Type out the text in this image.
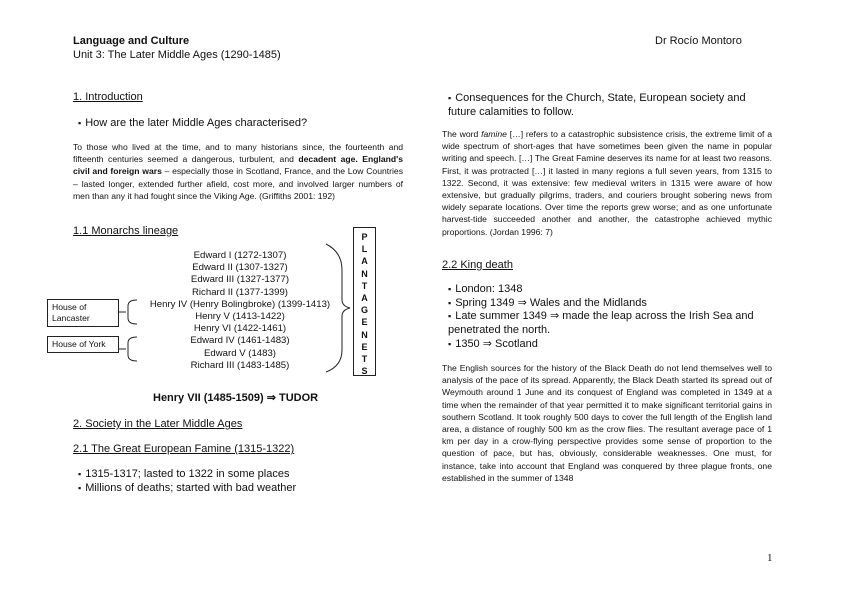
Language and Culture
Unit 3: The Later Middle Ages (1290-1485)
Dr Rocío Montoro
1. Introduction
▪ How are the later Middle Ages characterised?
To those who lived at the time, and to many historians since, the fourteenth and fifteenth centuries seemed a dangerous, turbulent, and decadent age. England's civil and foreign wars – especially those in Scotland, France, and the Low Countries – lasted longer, extended further afield, cost more, and involved larger numbers of men than any it had fought since the Viking Age. (Griffiths 2001: 192)
1.1 Monarchs lineage
Edward I (1272-1307)
Edward II (1307-1327)
Edward III (1327-1377)
Richard II (1377-1399)
Henry IV (Henry Bolingbroke) (1399-1413)
Henry V (1413-1422)
Henry VI (1422-1461)
Edward IV (1461-1483)
Edward V (1483)
Richard III (1483-1485)
House of Lancaster
House of York
P
L
A
N
T
A
G
E
N
E
T
S
Henry VII (1485-1509) ⇒ TUDOR
2. Society in the Later Middle Ages
2.1 The Great European Famine (1315-1322)
▪ 1315-1317; lasted to 1322 in some places
▪ Millions of deaths; started with bad weather
▪ Consequences for the Church, State, European society and future calamities to follow.
The word famine […] refers to a catastrophic subsistence crisis, the extreme limit of a wide spectrum of short-ages that have sometimes been given the name in popular writing and speech. […] The Great Famine deserves its name for at least two reasons. First, it was protracted […] it lasted in many regions a full seven years, from 1315 to 1322. Second, it was extensive: few medieval writers in 1315 were aware of how extensive, but gradually pilgrims, traders, and couriers brought sobering news from widely separate locations. Over time the reports grew worse; and as one unfortunate harvest-tide succeeded another and another, the catastrophe achieved mythic proportions. (Jordan 1996: 7)
2.2 King death
▪ London: 1348
▪ Spring 1349 ⇒ Wales and the Midlands
▪ Late summer 1349 ⇒ made the leap across the Irish Sea and penetrated the north.
▪ 1350 ⇒ Scotland
The English sources for the history of the Black Death do not lend themselves well to analysis of the pace of its spread. Apparently, the Black Death started its spread out of Weymouth around 1 June and its conquest of England was completed in 1349 at a time when the remainder of that year permitted it to make significant territorial gains in southern Scotland. It took roughly 500 days to cover the full length of the English land area, a distance of roughly 500 km as the crow flies. The resultant average pace of 1 km per day in a crow-flying perspective provides some sense of proportion to the question of pace, but has, obviously, considerable weaknesses. One must, for instance, take into account that England was conquered by three plague fronts, one established in the summer of 1348
1
